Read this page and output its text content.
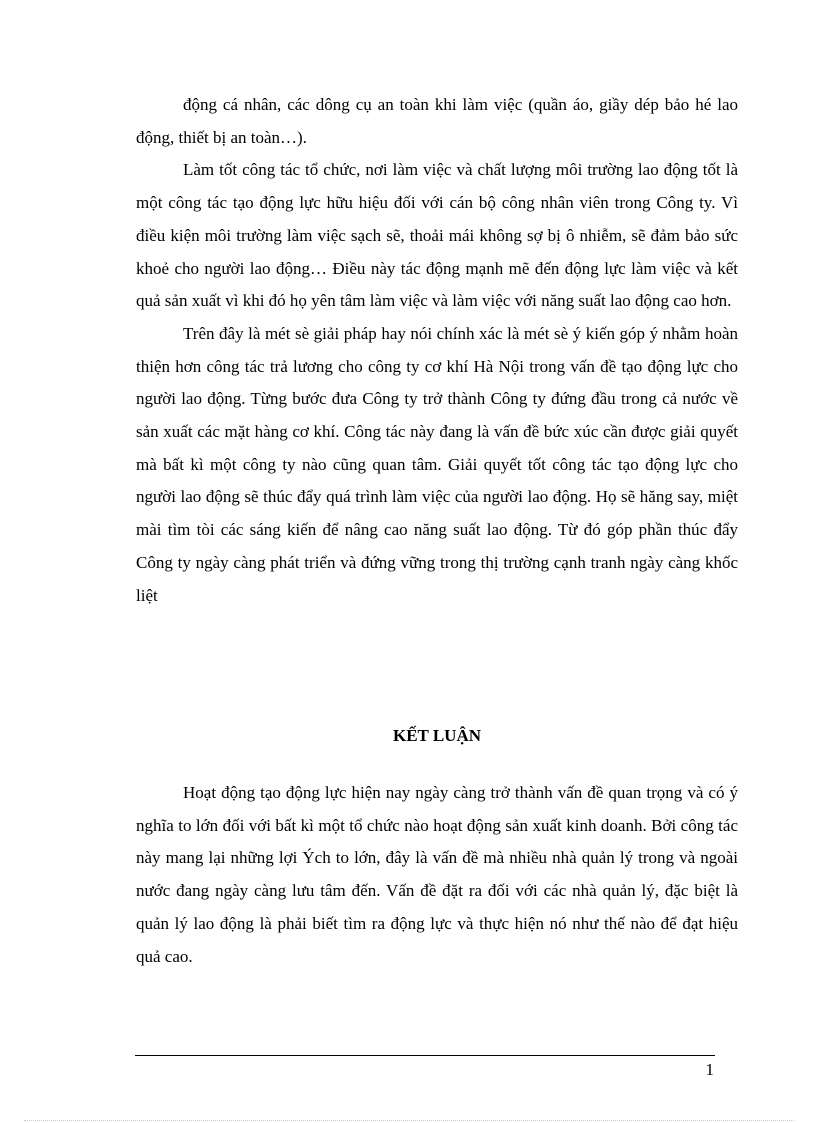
động cá nhân, các dông cụ an toàn khi làm việc (quần áo, giầy dép bảo hé lao động, thiết bị an toàn…).

Làm tốt công tác tổ chức, nơi làm việc và chất lượng môi trường lao động tốt là một công tác tạo động lực hữu hiệu đối với cán bộ công nhân viên trong Công ty. Vì điều kiện môi trường làm việc sạch sẽ, thoải mái không sợ bị ô nhiễm, sẽ đảm bảo sức khoẻ cho người lao động… Điều này tác động mạnh mẽ đến động lực làm việc và kết quả sản xuất vì khi đó họ yên tâm làm việc và làm việc với năng suất lao động cao hơn.

Trên đây là mét sè giải pháp hay nói chính xác là mét sè ý kiến góp ý nhằm hoàn thiện hơn công tác trả lương cho công ty cơ khí Hà Nội trong vấn đề tạo động lực cho người lao động. Từng bước đưa Công ty trở thành Công ty đứng đầu trong cả nước về sản xuất các mặt hàng cơ khí. Công tác này đang là vấn đề bức xúc cần được giải quyết mà bất kì một công ty nào cũng quan tâm. Giải quyết tốt công tác tạo động lực cho người lao động sẽ thúc đẩy quá trình làm việc của người lao động. Họ sẽ hăng say, miệt mài tìm tòi các sáng kiến để nâng cao năng suất lao động. Từ đó góp phần thúc đẩy Công ty ngày càng phát triển và đứng vững trong thị trường cạnh tranh ngày càng khốc liệt

KẾT LUẬN

Hoạt động tạo động lực hiện nay ngày càng trở thành vấn đề quan trọng và có ý nghĩa to lớn đối với bất kì một tổ chức nào hoạt động sản xuất kinh doanh. Bởi công tác này mang lại những lợi Ých to lớn, đây là vấn đề mà nhiều nhà quản lý trong và ngoài nước đang ngày càng lưu tâm đến. Vấn đề đặt ra đối với các nhà quản lý, đặc biệt là quản lý lao động là phải biết tìm ra động lực và thực hiện nó như thế nào để đạt hiệu quả cao.

1
